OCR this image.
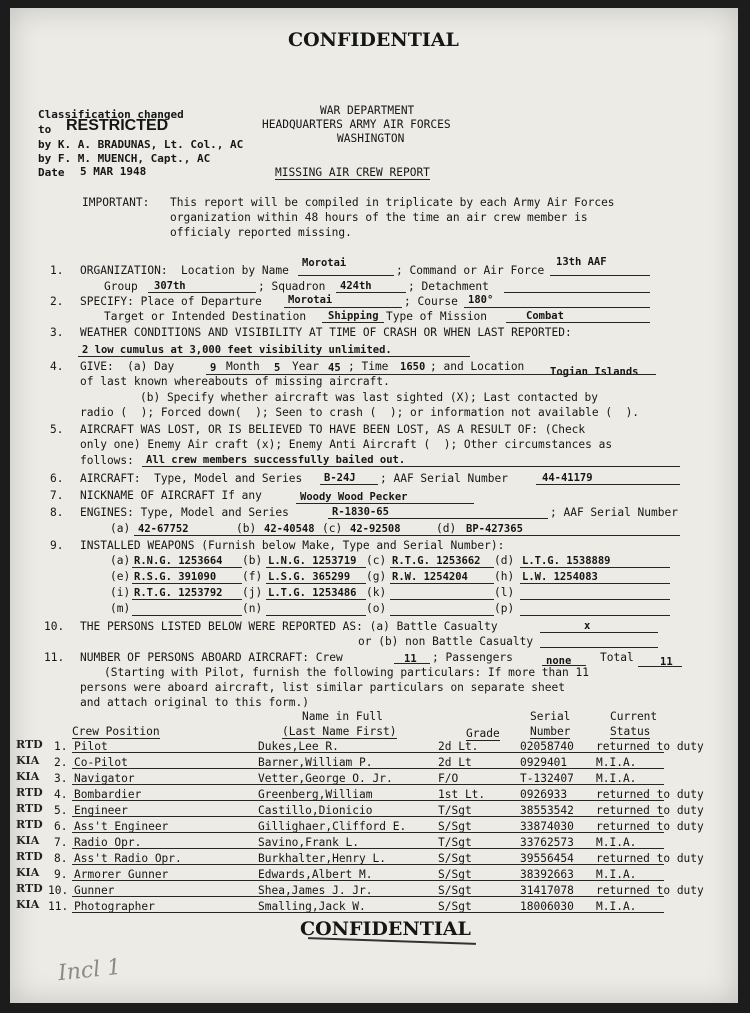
CONFIDENTIAL
Classification changed
to RESTRICTED
by K. A. BRADUNAS, Lt. Col., AC
by F. M. MUENCH, Capt., AC
Date 5 MAR 1948
WAR DEPARTMENT
HEADQUARTERS ARMY AIR FORCES
WASHINGTON
MISSING AIR CREW REPORT
IMPORTANT: This report will be compiled in triplicate by each Army Air Forces
organization within 48 hours of the time an air crew member is
officialy reported missing.
1. ORGANIZATION:  Location by Name
Morotai
; Command or Air Force
13th AAF
Group 307th	; Squadron 424th	; Detachment
2. SPECIFY: Place of Departure Morotai	; Course 180°
Target or Intended Destination Shipping Type of Mission	Combat
3. WEATHER CONDITIONS AND VISIBILITY AT TIME OF CRASH OR WHEN LAST REPORTED:
2 low cumulus at 3,000 feet visibility unlimited.
4. GIVE:  (a) Day	9 Month 5 Year 45 ; Time 1650 ; and Location Togian Islands
of last known whereabouts of missing aircraft.
(b) Specify whether aircraft was last sighted (X); Last contacted by
radio (  ); Forced down(  ); Seen to crash (  ); or information not available (  ).
5. AIRCRAFT WAS LOST, OR IS BELIEVED TO HAVE BEEN LOST, AS A RESULT OF: (Check
only one) Enemy Air craft (x); Enemy Anti Aircraft (  ); Other circumstances as
follows: All crew members successfully bailed out.
6. AIRCRAFT:  Type, Model and Series B-24J ; AAF Serial Number	44-41179
7. NICKNAME OF AIRCRAFT If any	Woody Wood Pecker
8. ENGINES: Type, Model and Series	R-1830-65	; AAF Serial Number
(a) 42-67752	(b) 42-40548 (c) 42-92508	(d) BP-427365
9. INSTALLED WEAPONS (Furnish below Make, Type and Serial Number):
(a) R.N.G. 1253664 (b) L.N.G. 1253719 (c) R.T.G. 1253662 (d) L.T.G. 1538889
(e) R.S.G. 391090 (f) L.S.G. 365299 (g) R.W. 1254204 (h) L.W. 1254083
(i) R.T.G. 1253792 (j) L.T.G. 1253486 (k)	(l)
(m)	(n)	(o)	(p)
10. THE PERSONS LISTED BELOW WERE REPORTED AS: (a) Battle Casualty	x
or (b) non Battle Casualty
11. NUMBER OF PERSONS ABOARD AIRCRAFT: Crew	11 ; Passengers	none	Total	11
(Starting with Pilot, furnish the following particulars: If more than 11
persons were aboard aircraft, list similar particulars on separate sheet
and attach original to this form.)
Name in Full	Serial	Current
Crew Position	(Last Name First)	Grade	Number	Status
RTD 1. Pilot	Dukes,Lee R.	2d Lt.	02058740 returned to duty
KIA 2. Co-Pilot	Barner,William P.	2d Lt	0929401	M.I.A.
KIA 3. Navigator	Vetter,George O. Jr.	F/O	T-132407 M.I.A.
RTD 4. Bombardier	Greenberg,William	1st Lt.	0926933	returned to duty
RTD 5. Engineer	Castillo,Dionicio	T/Sgt	38553542 returned to duty
RTD 6. Ass't Engineer	Gillighaer,Clifford E.	S/Sgt	33874030 returned to duty
KIA 7. Radio Opr.	Savino,Frank L.	T/Sgt	33762573 M.I.A.
RTD 8. Ass't Radio Opr.	Burkhalter,Henry L.	S/Sgt	39556454 returned to duty
KIA 9. Armorer Gunner	Edwards,Albert M.	S/Sgt	38392663 M.I.A.
RTD 10. Gunner	Shea,James J. Jr.	S/Sgt	31417078 returned to duty
KIA 11. Photographer	Smalling,Jack W.	S/Sgt	18006030 M.I.A.
CONFIDENTIAL
Incl 1
